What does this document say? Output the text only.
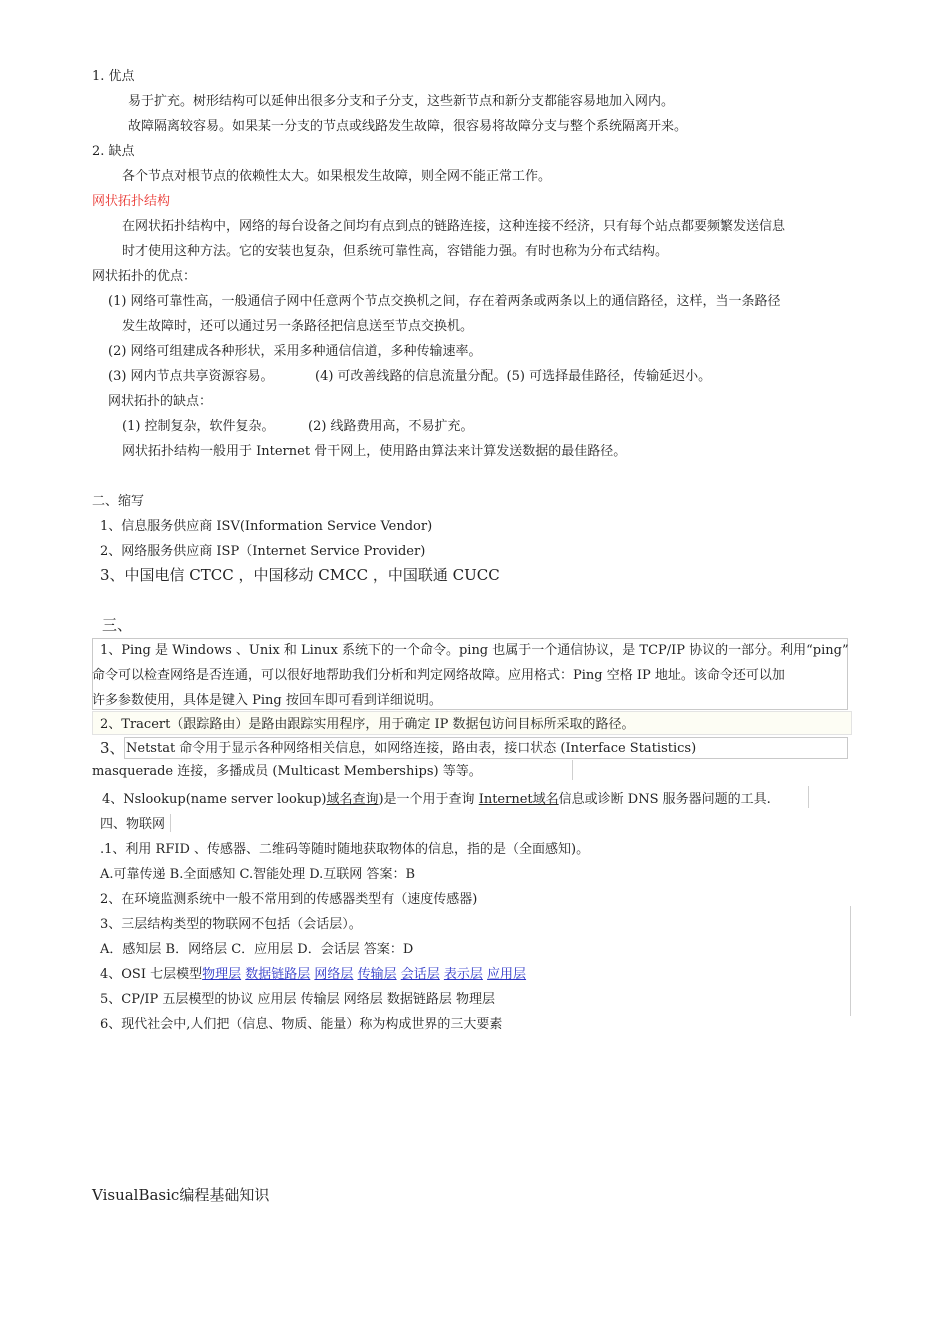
1. 优点
易于扩充。树形结构可以延伸出很多分支和子分支，这些新节点和新分支都能容易地加入网内。
故障隔离较容易。如果某一分支的节点或线路发生故障，很容易将故障分支与整个系统隔离开来。
2. 缺点
各个节点对根节点的依赖性太大。如果根发生故障，则全网不能正常工作。
网状拓扑结构
在网状拓扑结构中，网络的每台设备之间均有点到点的链路连接，这种连接不经济，只有每个站点都要频繁发送信息
时才使用这种方法。它的安装也复杂，但系统可靠性高，容错能力强。有时也称为分布式结构。
网状拓扑的优点：
(1) 网络可靠性高，一般通信子网中任意两个节点交换机之间，存在着两条或两条以上的通信路径，这样，当一条路径
发生故障时，还可以通过另一条路径把信息送至节点交换机。
(2) 网络可组建成各种形状，采用多种通信信道，多种传输速率。
(3) 网内节点共享资源容易。	(4) 可改善线路的信息流量分配。(5) 可选择最佳路径，传输延迟小。
网状拓扑的缺点：
(1) 控制复杂，软件复杂。	(2) 线路费用高，不易扩充。
网状拓扑结构一般用于 Internet 骨干网上，使用路由算法来计算发送数据的最佳路径。
二、缩写
1、信息服务供应商 ISV(Information Service Vendor)
2、网络服务供应商 ISP（Internet Service Provider)
3、中国电信 CTCC ，中国移动 CMCC ，中国联通 CUCC
三、
1、Ping 是 Windows 、Unix 和 Linux 系统下的一个命令。ping 也属于一个通信协议，是 TCP/IP 协议的一部分。利用“ping”
命令可以检查网络是否连通，可以很好地帮助我们分析和判定网络故障。应用格式：Ping 空格 IP 地址。该命令还可以加
许多参数使用，具体是键入 Ping 按回车即可看到详细说明。
2、Tracert（跟踪路由）是路由跟踪实用程序，用于确定 IP 数据包访问目标所采取的路径。
3、 Netstat 命令用于显示各种网络相关信息，如网络连接，路由表，接口状态 (Interface Statistics)
masquerade 连接，多播成员 (Multicast Memberships) 等等。
4、Nslookup(name server lookup)域名查询)是一个用于查询 Internet域名信息或诊断 DNS 服务器问题的工具.
四、物联网
.1、利用 RFID 、传感器、二维码等随时随地获取物体的信息，指的是（全面感知)。
A.可靠传递 B.全面感知 C.智能处理 D.互联网 答案：B
2、在环境监测系统中一般不常用到的传感器类型有（速度传感器)
3、三层结构类型的物联网不包括（会话层）。
A．感知层 B．网络层 C．应用层 D．会话层 答案：D
4、OSI 七层模型物理层 数据链路层 网络层 传输层 会话层 表示层 应用层
5、CP/IP 五层模型的协议 应用层 传输层 网络层 数据链路层 物理层
6、现代社会中,人们把（信息、物质、能量）称为构成世界的三大要素
VisualBasic编程基础知识
